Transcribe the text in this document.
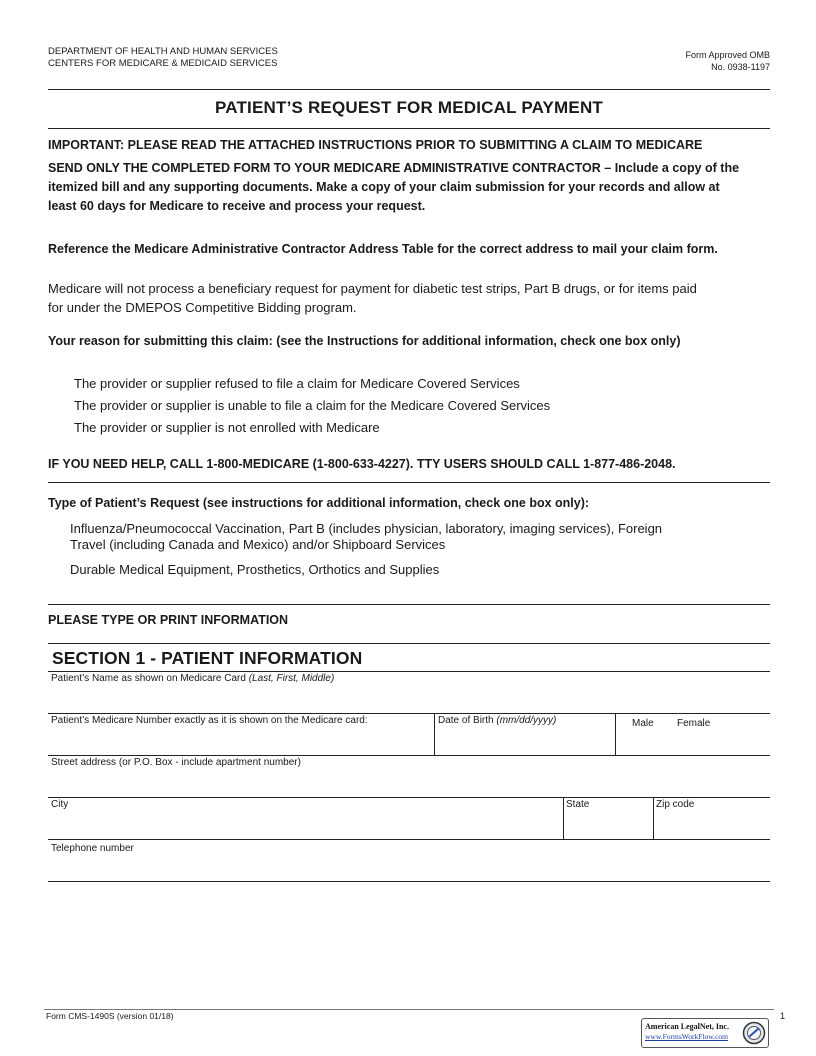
DEPARTMENT OF HEALTH AND HUMAN SERVICES
CENTERS FOR MEDICARE & MEDICAID SERVICES
Form Approved OMB
No. 0938-1197
PATIENT’S REQUEST FOR MEDICAL PAYMENT
IMPORTANT: PLEASE READ THE ATTACHED INSTRUCTIONS PRIOR TO SUBMITTING A CLAIM TO MEDICARE
SEND ONLY THE COMPLETED FORM TO YOUR MEDICARE ADMINISTRATIVE CONTRACTOR – Include a copy of the
itemized bill and any supporting documents. Make a copy of your claim submission for your records and allow at
least 60 days for Medicare to receive and process your request.
Reference the Medicare Administrative Contractor Address Table for the correct address to mail your claim form.
Medicare will not process a beneficiary request for payment for diabetic test strips, Part B drugs, or for items paid
for under the DMEPOS Competitive Bidding program.
Your reason for submitting this claim: (see the Instructions for additional information, check one box only)
The provider or supplier refused to file a claim for Medicare Covered Services
The provider or supplier is unable to file a claim for the Medicare Covered Services
The provider or supplier is not enrolled with Medicare
IF YOU NEED HELP, CALL 1-800-MEDICARE (1-800-633-4227). TTY USERS SHOULD CALL 1-877-486-2048.
Type of Patient’s Request (see instructions for additional information, check one box only):
Influenza/Pneumococcal Vaccination, Part B (includes physician, laboratory, imaging services), Foreign
Travel (including Canada and Mexico) and/or Shipboard Services
Durable Medical Equipment, Prosthetics, Orthotics and Supplies
PLEASE TYPE OR PRINT INFORMATION
SECTION 1 - PATIENT INFORMATION
Patient’s Name as shown on Medicare Card (Last, First, Middle)
Patient’s Medicare Number exactly as it is shown on the Medicare card:	Date of Birth (mm/dd/yyyy)	Male Female
Street address (or P.O. Box - include apartment number)
City	State	Zip code
Telephone number
Form CMS-1490S (version 01/18)	1
American LegalNet, Inc.
www.FormsWorkFlow.com
